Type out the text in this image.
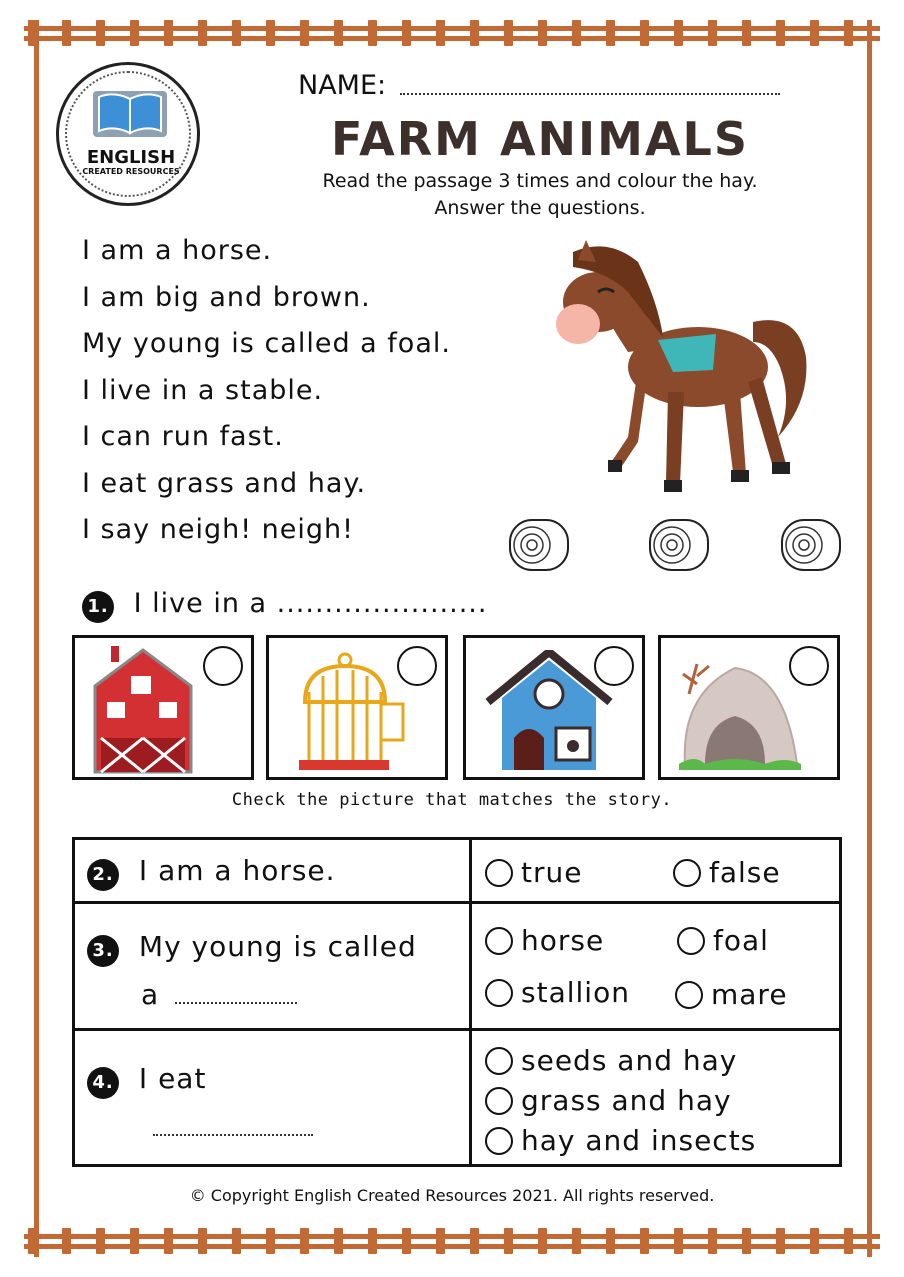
ENGLISH
CREATED RESOURCES
NAME:
FARM ANIMALS
Read the passage 3 times and colour the hay.
Answer the questions.
I am a horse.
I am big and brown.
My young is called a foal.
I live in a stable.
I can run fast.
I eat grass and hay.
I say neigh! neigh!
1. I live in a ......................
Check the picture that matches the story.
2. I am a horse.	true	false
3. My young is called
a
horse	foal
stallion	mare
4. I eat
seeds and hay
grass and hay
hay and insects
© Copyright English Created Resources 2021. All rights reserved.
